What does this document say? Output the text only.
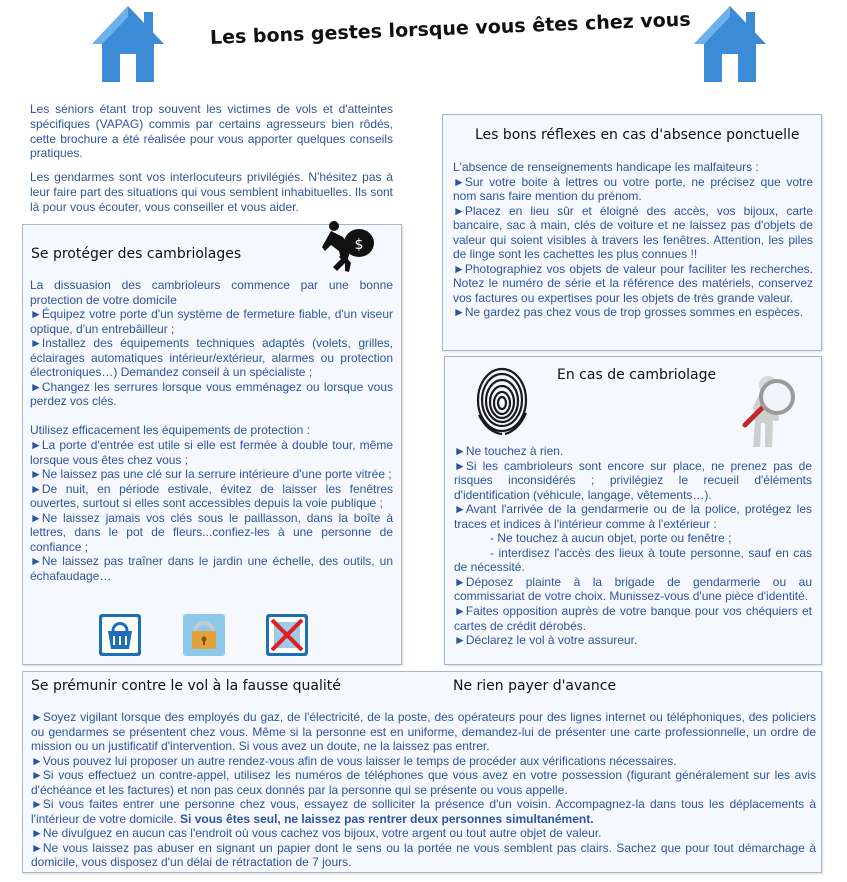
Les bons gestes lorsque vous êtes chez vous

Les séniors étant trop souvent les victimes de vols et d'atteintes spécifiques (VAPAG) commis par certains agresseurs bien rôdés, cette brochure a été réalisée pour vous apporter quelques conseils pratiques.

Les gendarmes sont vos interlocuteurs privilégiés. N'hésitez pas à leur faire part des situations qui vous semblent inhabituelles. Ils sont là pour vous écouter, vous conseiller et vous aider.

Se protéger des cambriolages
$
La dissuasion des cambrioleurs commence par une bonne protection de votre domicile
►Équipez votre porte d'un système de fermeture fiable, d'un viseur optique, d'un entrebâilleur ;
►Installez des équipements techniques adaptés (volets, grilles, éclairages automatiques intérieur/extérieur, alarmes ou protection électroniques…) Demandez conseil à un spécialiste ;
►Changez les serrures lorsque vous emménagez ou lorsque vous perdez vos clés.
Utilisez efficacement les équipements de protection :
►La porte d'entrée est utile si elle est fermée à double tour, même lorsque vous êtes chez vous ;
►Ne laissez pas une clé sur la serrure intérieure d'une porte vitrée ;
►De nuit, en période estivale, évitez de laisser les fenêtres ouvertes, surtout si elles sont accessibles depuis la voie publique ;
►Ne laissez jamais vos clés sous le paillasson, dans la boîte à lettres, dans le pot de fleurs...confiez-les à une personne de confiance ;
►Ne laissez pas traîner dans le jardin une échelle, des outils, un échafaudage…
Les bons réflexes en cas d'absence ponctuelle
L'absence de renseignements handicape les malfaiteurs :
►Sur votre boite à lettres ou votre porte, ne précisez que votre nom sans faire mention du prénom.
►Placez en lieu sûr et éloigné des accès, vos bijoux, carte bancaire, sac à main, clés de voiture et ne laissez pas d'objets de valeur qui soient visibles à travers les fenêtres. Attention, les piles de linge sont les cachettes les plus connues !!
►Photographiez vos objets de valeur pour faciliter les recherches. Notez le numéro de série et la référence des matériels, conservez vos factures ou expertises pour les objets de très grande valeur.
►Ne gardez pas chez vous de trop grosses sommes en espèces.
En cas de cambriolage
►Ne touchez à rien.
►Si les cambrioleurs sont encore sur place, ne prenez pas de risques inconsidérés ; privilégiez le recueil d'éléments d'identification (véhicule, langage, vêtements…).
►Avant l'arrivée de la gendarmerie ou de la police, protégez les traces et indices à l'intérieur comme à l'extérieur :
- Ne touchez à aucun objet, porte ou fenêtre ;
- interdisez l'accès des lieux à toute personne, sauf en cas de nécessité.
►Déposez plainte à la brigade de gendarmerie ou au commissariat de votre choix. Munissez-vous d'une pièce d'identité.
►Faites opposition auprès de votre banque pour vos chéquiers et cartes de crédit dérobés.
►Déclarez le vol à votre assureur.
Se prémunir contre le vol à la fausse qualité	Ne rien payer d'avance
►Soyez vigilant lorsque des employés du gaz, de l'électricité, de la poste, des opérateurs pour des lignes internet ou téléphoniques, des policiers ou gendarmes se présentent chez vous. Même si la personne est en uniforme, demandez-lui de présenter une carte professionnelle, un ordre de mission ou un justificatif d'intervention. Si vous avez un doute, ne la laissez pas entrer.
►Vous pouvez lui proposer un autre rendez-vous afin de vous laisser le temps de procéder aux vérifications nécessaires.
►Si vous effectuez un contre-appel, utilisez les numéros de téléphones que vous avez en votre possession (figurant généralement sur les avis d'échéance et les factures) et non pas ceux donnés par la personne qui se présente ou vous appelle.
►Si vous faites entrer une personne chez vous, essayez de solliciter la présence d'un voisin. Accompagnez-la dans tous les déplacements à l'intérieur de votre domicile. Si vous êtes seul, ne laissez pas rentrer deux personnes simultanément.
►Ne divulguez en aucun cas l'endroit où vous cachez vos bijoux, votre argent ou tout autre objet de valeur.
►Ne vous laissez pas abuser en signant un papier dont le sens ou la portée ne vous semblent pas clairs. Sachez que pour tout démarchage à domicile, vous disposez d'un délai de rétractation de 7 jours.
